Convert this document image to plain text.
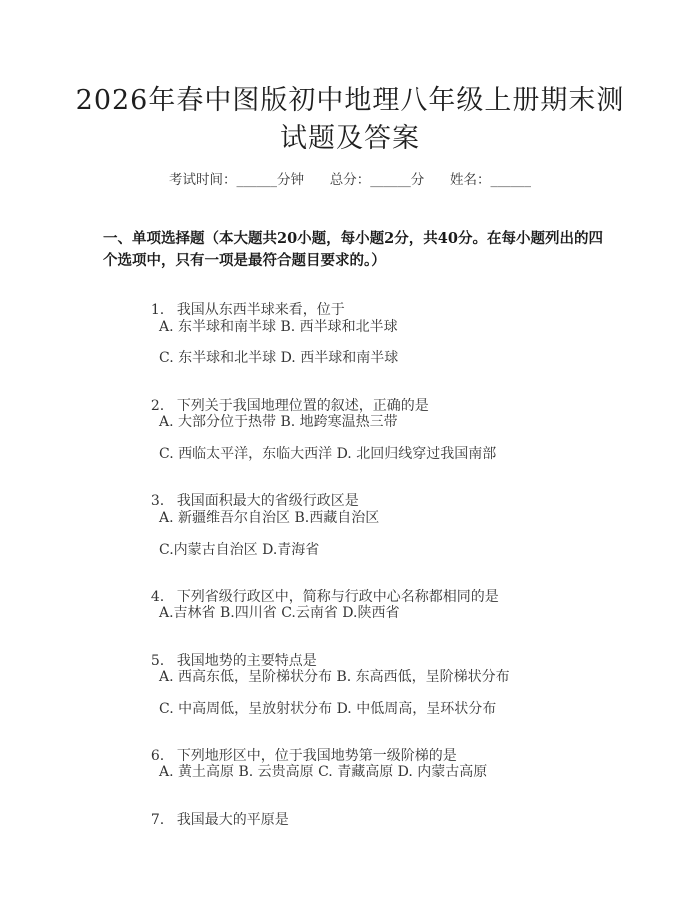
2026年春中图版初中地理八年级上册期末测
试题及答案
考试时间：______分钟      总分：______分      姓名：______
一、单项选择题（本大题共20小题，每小题2分，共40分。在每小题列出的四
个选项中，只有一项是最符合题目要求的。）

1. 我国从东西半球来看，位于

A. 东半球和南半球 B. 西半球和北半球
C. 东半球和北半球 D. 西半球和南半球

2. 下列关于我国地理位置的叙述，正确的是

A. 大部分位于热带 B. 地跨寒温热三带
C. 西临太平洋，东临大西洋 D. 北回归线穿过我国南部

3. 我国面积最大的省级行政区是

A. 新疆维吾尔自治区 B.西藏自治区
C.内蒙古自治区 D.青海省

4. 下列省级行政区中，简称与行政中心名称都相同的是

A.吉林省 B.四川省 C.云南省 D.陕西省

5. 我国地势的主要特点是

A. 西高东低，呈阶梯状分布 B. 东高西低，呈阶梯状分布
C. 中高周低，呈放射状分布 D. 中低周高，呈环状分布

6. 下列地形区中，位于我国地势第一级阶梯的是

A. 黄土高原 B. 云贵高原 C. 青藏高原 D. 内蒙古高原

7. 我国最大的平原是
